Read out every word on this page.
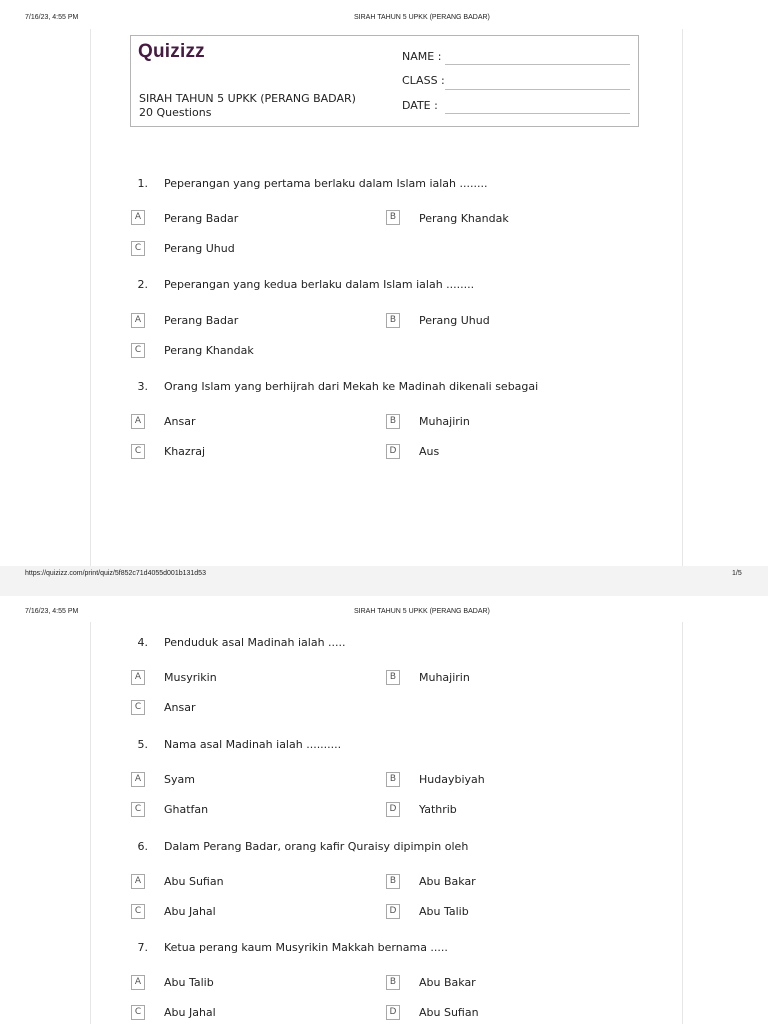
7/16/23, 4:55 PM	SIRAH TAHUN 5 UPKK (PERANG BADAR)
https://quizizz.com/print/quiz/5f852c71d4055d001b131d53	1/5
7/16/23, 4:55 PM	SIRAH TAHUN 5 UPKK (PERANG BADAR)
Quizizz
SIRAH TAHUN 5 UPKK (PERANG BADAR)
20 Questions
NAME :
CLASS :
DATE :
1. Peperangan yang pertama berlaku dalam Islam ialah ........
A	Perang Badar	B	Perang Khandak
C	Perang Uhud
2. Peperangan yang kedua berlaku dalam Islam ialah ........
A	Perang Badar	B	Perang Uhud
C	Perang Khandak
3. Orang Islam yang berhijrah dari Mekah ke Madinah dikenali sebagai
A	Ansar	B	Muhajirin
C	Khazraj	D	Aus
4. Penduduk asal Madinah ialah .....
A	Musyrikin	B	Muhajirin
C	Ansar
5. Nama asal Madinah ialah ..........
A	Syam	B	Hudaybiyah
C	Ghatfan	D	Yathrib
6. Dalam Perang Badar, orang kafir Quraisy dipimpin oleh
A	Abu Sufian	B	Abu Bakar
C	Abu Jahal	D	Abu Talib
7. Ketua perang kaum Musyrikin Makkah bernama .....
A	Abu Talib	B	Abu Bakar
C	Abu Jahal	D	Abu Sufian
